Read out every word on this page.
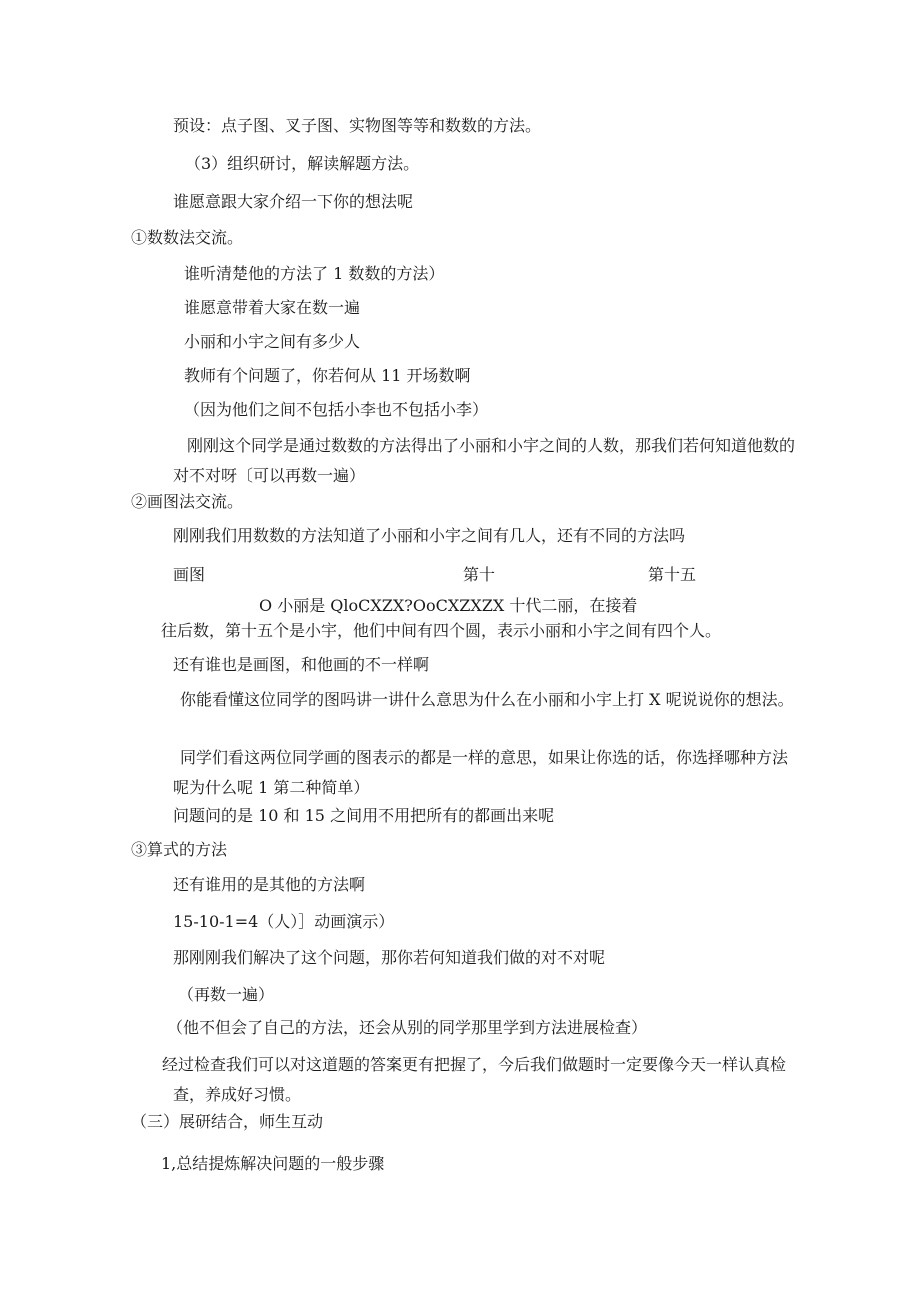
预设：点子图、叉子图、实物图等等和数数的方法。

（3）组织研讨，解读解题方法。

谁愿意跟大家介绍一下你的想法呢

①数数法交流。

谁听清楚他的方法了 1 数数的方法）

谁愿意带着大家在数一遍

小丽和小宇之间有多少人

教师有个问题了，你若何从 11 开场数啊

（因为他们之间不包括小李也不包括小李）

刚刚这个同学是通过数数的方法得出了小丽和小宇之间的人数，那我们若何知道他数的对不对呀〔可以再数一遍）

②画图法交流。

刚刚我们用数数的方法知道了小丽和小宇之间有几人，还有不同的方法吗

画图	第十	第十五

O 小丽是 QloCXZX?OoCXZXZX 十代二丽，在接着

往后数，第十五个是小宇，他们中间有四个圆，表示小丽和小宇之间有四个人。

还有谁也是画图，和他画的不一样啊

你能看懂这位同学的图吗讲一讲什么意思为什么在小丽和小宇上打 X 呢说说你的想法。

同学们看这两位同学画的图表示的都是一样的意思，如果让你选的话，你选择哪种方法呢为什么呢 1 第二种简单）

问题问的是 10 和 15 之间用不用把所有的都画出来呢

③算式的方法

还有谁用的是其他的方法啊

15-10-1=4（人）］动画演示）

那刚刚我们解决了这个问题，那你若何知道我们做的对不对呢

（再数一遍）

（他不但会了自己的方法，还会从别的同学那里学到方法进展检查）

经过检查我们可以对这道题的答案更有把握了，今后我们做题时一定要像今天一样认真检查，养成好习惯。

（三）展研结合，师生互动

1,总结提炼解决问题的一般步骤
